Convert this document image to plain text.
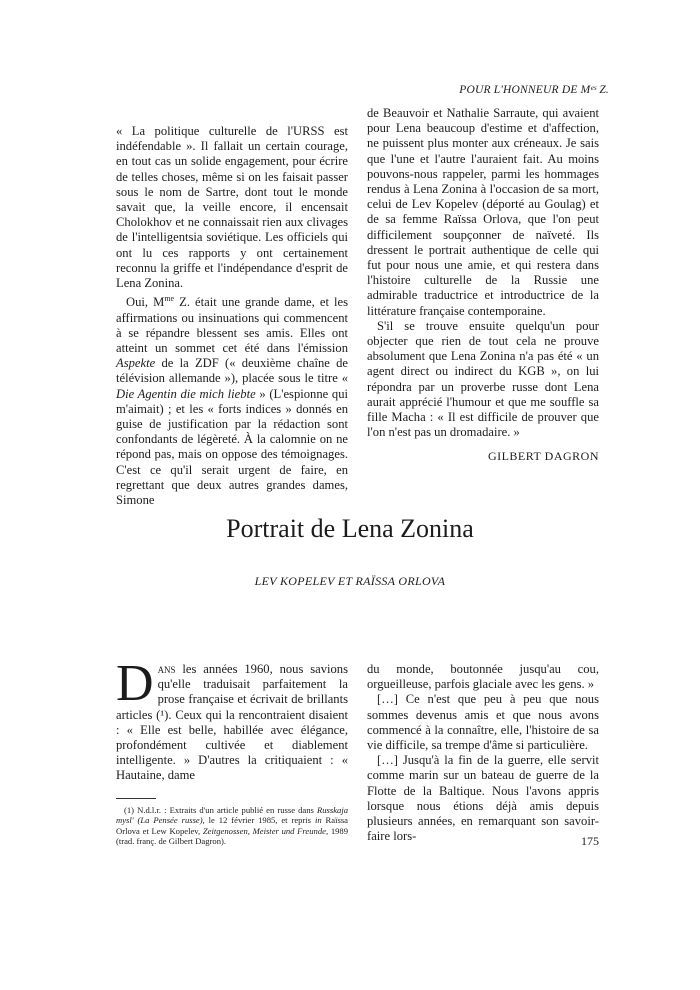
POUR L'HONNEUR DE Mᵉˢ Z.

« La politique culturelle de l'URSS est indéfendable ». Il fallait un certain courage, en tout cas un solide engagement, pour écrire de telles choses, même si on les faisait passer sous le nom de Sartre, dont tout le monde savait que, la veille encore, il encensait Cholokhov et ne connaissait rien aux clivages de l'intelligentsia soviétique. Les officiels qui ont lu ces rapports y ont certainement reconnu la griffe et l'indépendance d'esprit de Lena Zonina.

Oui, $M^{me}$ Z. était une grande dame, et les affirmations ou insinuations qui commencent à se répandre blessent ses amis. Elles ont atteint un sommet cet été dans l'émission Aspekte de la ZDF (« deuxième chaîne de télévision allemande »), placée sous le titre « Die Agentin die mich liebte » (L'espionne qui m'aimait) ; et les « forts indices » donnés en guise de justification par la rédaction sont confondants de légèreté. À la calomnie on ne répond pas, mais on oppose des témoignages. C'est ce qu'il serait urgent de faire, en regrettant que deux autres grandes dames, Simone

de Beauvoir et Nathalie Sarraute, qui avaient pour Lena beaucoup d'estime et d'affection, ne puissent plus monter aux créneaux. Je sais que l'une et l'autre l'auraient fait. Au moins pouvons-nous rappeler, parmi les hommages rendus à Lena Zonina à l'occasion de sa mort, celui de Lev Kopelev (déporté au Goulag) et de sa femme Raïssa Orlova, que l'on peut difficilement soupçonner de naïveté. Ils dressent le portrait authentique de celle qui fut pour nous une amie, et qui restera dans l'histoire culturelle de la Russie une admirable traductrice et introductrice de la littérature française contemporaine.

S'il se trouve ensuite quelqu'un pour objecter que rien de tout cela ne prouve absolument que Lena Zonina n'a pas été « un agent direct ou indirect du KGB », on lui répondra par un proverbe russe dont Lena aurait apprécié l'humour et que me souffle sa fille Macha : « Il est difficile de prouver que l'on n'est pas un dromadaire. »

GILBERT DAGRON
Portrait de Lena Zonina
LEV KOPELEV ET RAÏSSA ORLOVA

Dans les années 1960, nous savions qu'elle traduisait parfaitement la prose française et écrivait de brillants articles (¹). Ceux qui la rencontraient disaient : « Elle est belle, habillée avec élégance, profondément cultivée et diablement intelligente. » D'autres la critiquaient : « Hautaine, dame

(1) N.d.l.r. : Extraits d'un article publié en russe dans Russkaja mysl' (La Pensée russe), le 12 février 1985, et repris in Raïssa Orlova et Lew Kopelev, Zeitgenossen, Meister und Freunde, 1989 (trad. franç. de Gilbert Dagron).

du monde, boutonnée jusqu'au cou, orgueilleuse, parfois glaciale avec les gens. »

[…] Ce n'est que peu à peu que nous sommes devenus amis et que nous avons commencé à la connaître, elle, l'histoire de sa vie difficile, sa trempe d'âme si particulière.

[…] Jusqu'à la fin de la guerre, elle servit comme marin sur un bateau de guerre de la Flotte de la Baltique. Nous l'avons appris lorsque nous étions déjà amis depuis plusieurs années, en remarquant son savoir-faire lors-	175
